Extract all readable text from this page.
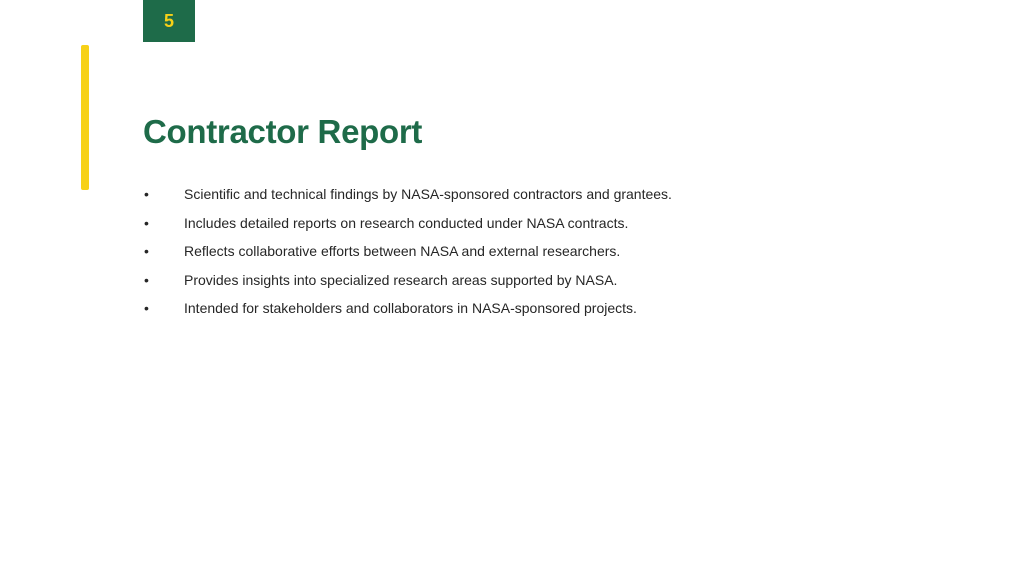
5
Contractor Report
•	Scientific and technical findings by NASA-sponsored contractors and grantees.
•	Includes detailed reports on research conducted under NASA contracts.
•	Reflects collaborative efforts between NASA and external researchers.
•	Provides insights into specialized research areas supported by NASA.
•	Intended for stakeholders and collaborators in NASA-sponsored projects.
